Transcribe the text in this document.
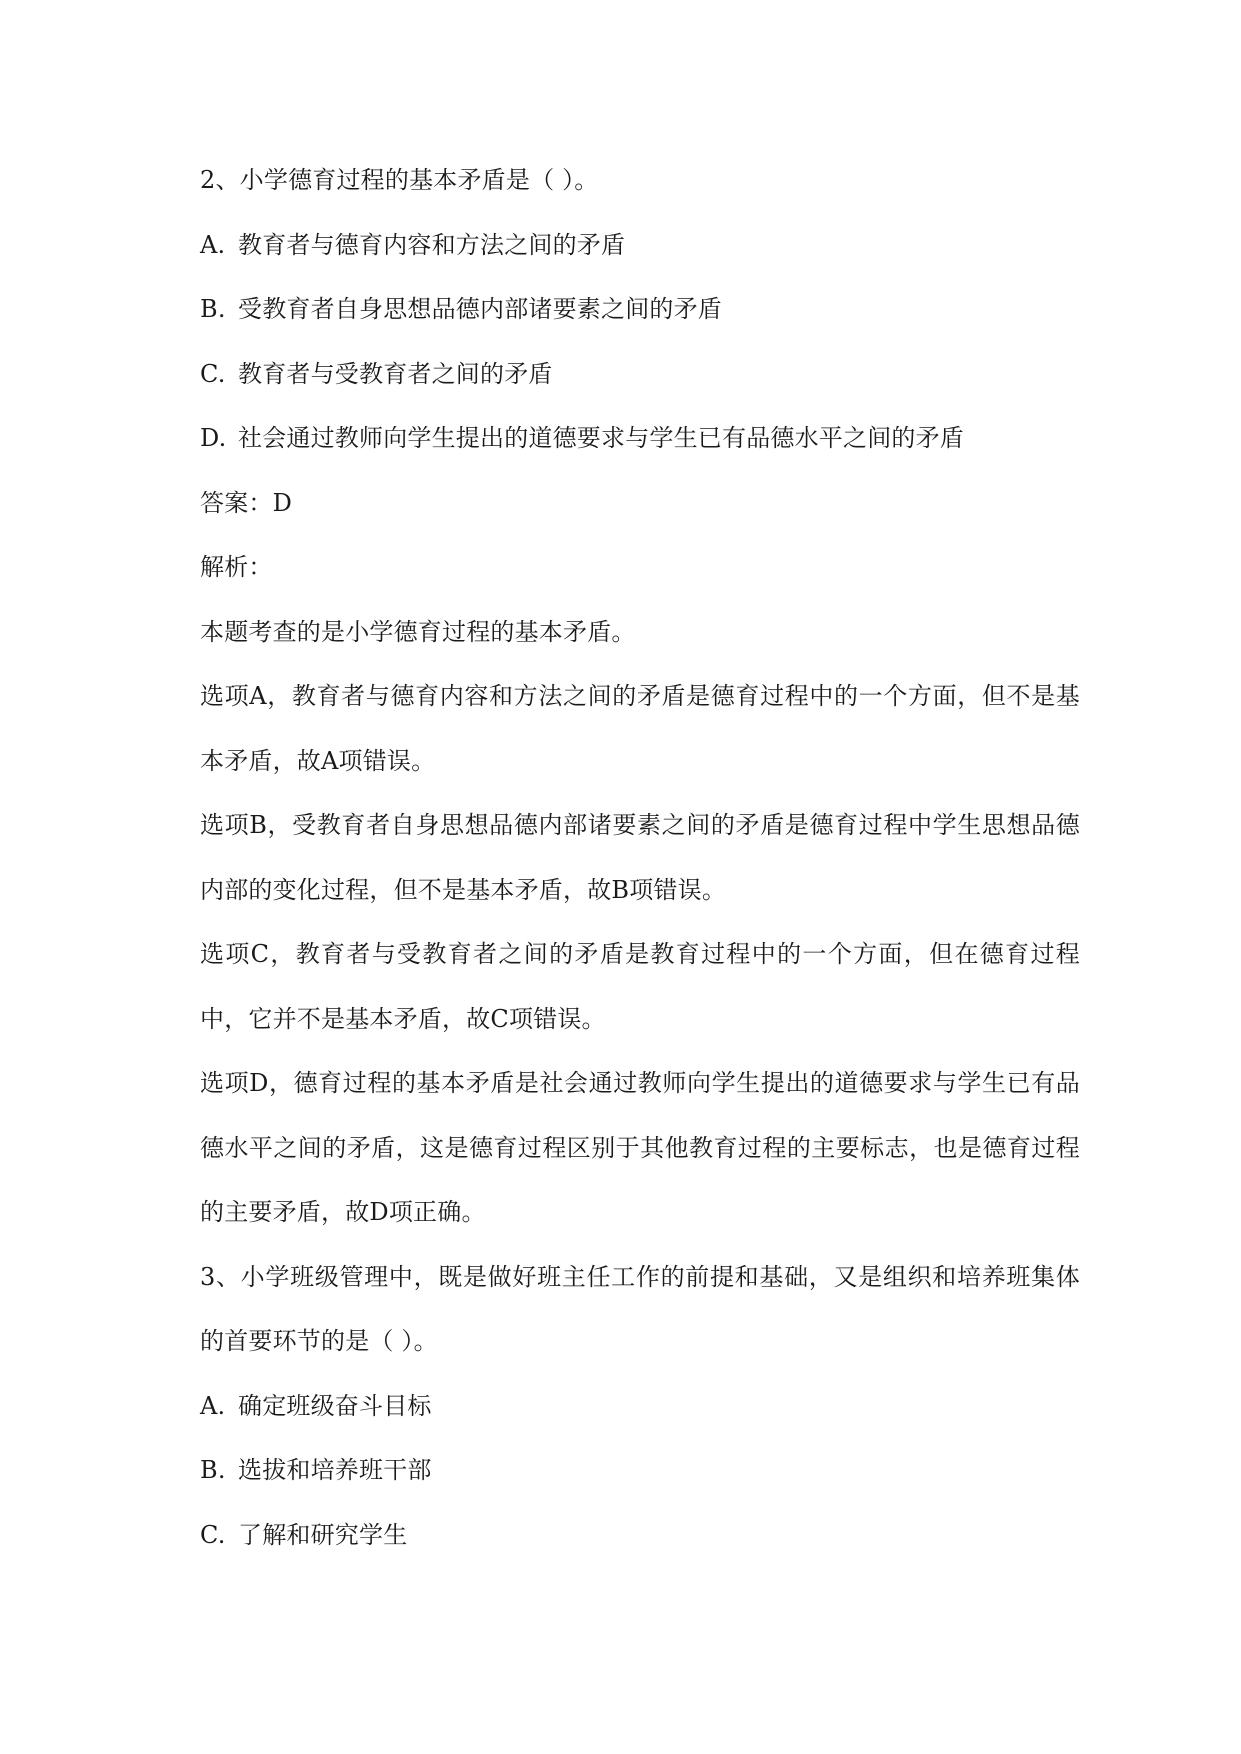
2、小学德育过程的基本矛盾是（ ）。
A. 教育者与德育内容和方法之间的矛盾
B. 受教育者自身思想品德内部诸要素之间的矛盾
C. 教育者与受教育者之间的矛盾
D. 社会通过教师向学生提出的道德要求与学生已有品德水平之间的矛盾
答案：D
解析：
本题考查的是小学德育过程的基本矛盾。
选项A，教育者与德育内容和方法之间的矛盾是德育过程中的一个方面，但不是基本矛盾，故A项错误。
选项B，受教育者自身思想品德内部诸要素之间的矛盾是德育过程中学生思想品德内部的变化过程，但不是基本矛盾，故B项错误。
选项C，教育者与受教育者之间的矛盾是教育过程中的一个方面，但在德育过程中，它并不是基本矛盾，故C项错误。
选项D，德育过程的基本矛盾是社会通过教师向学生提出的道德要求与学生已有品德水平之间的矛盾，这是德育过程区别于其他教育过程的主要标志，也是德育过程的主要矛盾，故D项正确。
3、小学班级管理中，既是做好班主任工作的前提和基础，又是组织和培养班集体的首要环节的是（ ）。
A. 确定班级奋斗目标
B. 选拔和培养班干部
C. 了解和研究学生
